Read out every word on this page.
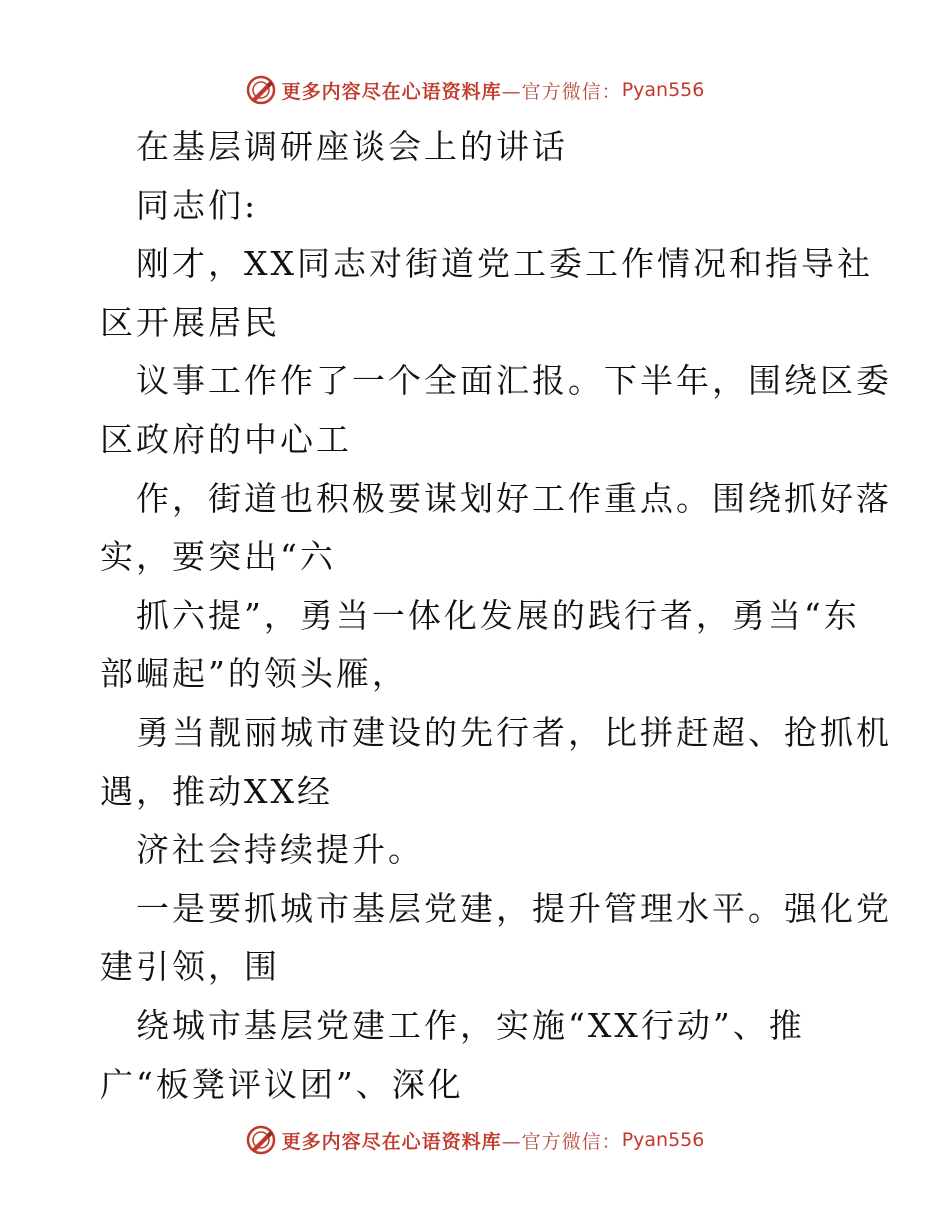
更多内容尽在心语资料库 —官方微信： Pyan556
在基层调研座谈会上的讲话
同志们:
刚才，XX同志对街道党工委工作情况和指导社
区开展居民
议事工作作了一个全面汇报。下半年，围绕区委
区政府的中心工
作，街道也积极要谋划好工作重点。围绕抓好落
实，要突出“六
抓六提”，勇当一体化发展的践行者，勇当“东
部崛起”的领头雁，
勇当靓丽城市建设的先行者，比拼赶超、抢抓机
遇，推动XX经
济社会持续提升。
一是要抓城市基层党建，提升管理水平。强化党
建引领，围
绕城市基层党建工作，实施“XX行动”、推
广“板凳评议团”、深化
更多内容尽在心语资料库 —官方微信： Pyan556
